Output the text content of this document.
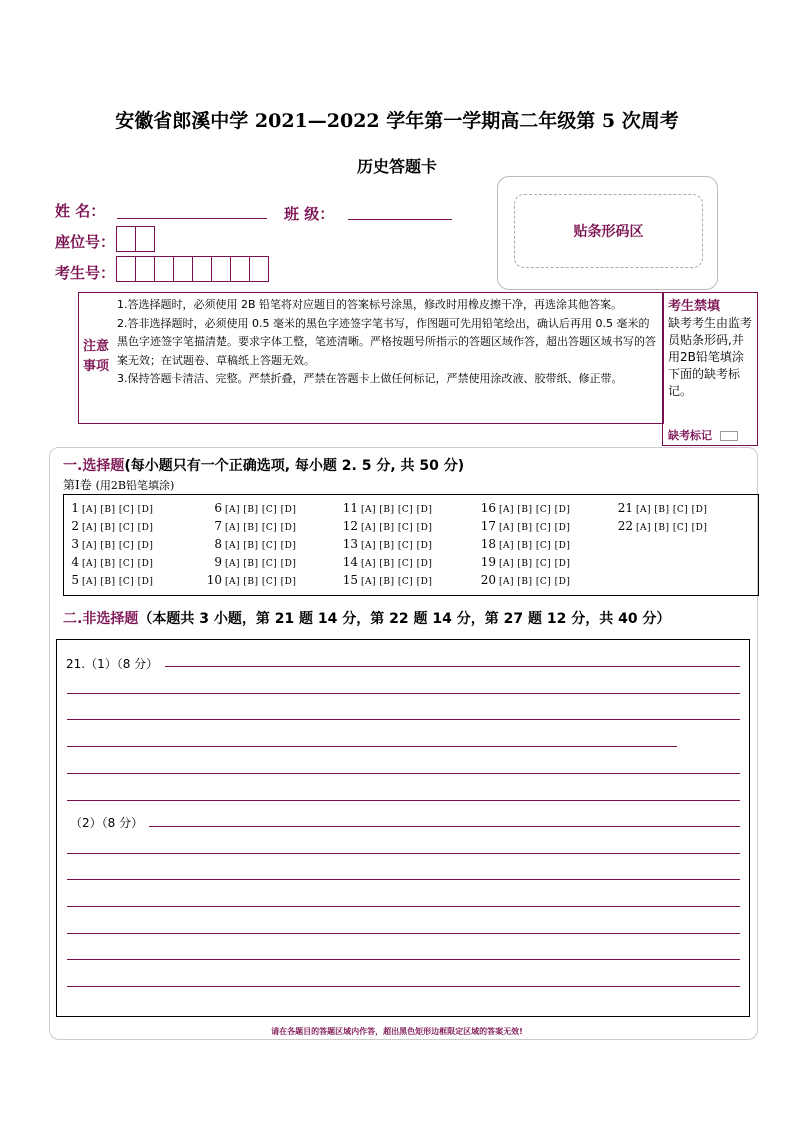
安徽省郎溪中学 2021—2022 学年第一学期高二年级第 5 次周考
历史答题卡
姓 名：	班 级：
座位号：
考生号：
贴条形码区
注意事项
1.答选择题时，必须使用 2B 铅笔将对应题目的答案标号涂黑，修改时用橡皮擦干净，再选涂其他答案。
2.答非选择题时，必须使用 0.5 毫米的黑色字迹签字笔书写，作图题可先用铅笔绘出，确认后再用 0.5 毫米的黑色字迹签字笔描清楚。要求字体工整，笔迹清晰。严格按题号所指示的答题区域作答，超出答题区域书写的答案无效；在试题卷、草稿纸上答题无效。
3.保持答题卡清洁、完整。严禁折叠，严禁在答题卡上做任何标记，严禁使用涂改液、胶带纸、修正带。
考生禁填
缺考考生由监考员贴条形码,并用2B铅笔填涂下面的缺考标记。
缺考标记
一.选择题(每小题只有一个正确选项, 每小题 2. 5 分, 共 50 分)
第Ⅰ卷 (用2B铅笔填涂)
1 [A] [B] [C] [D]
2 [A] [B] [C] [D]
3 [A] [B] [C] [D]
4 [A] [B] [C] [D]
5 [A] [B] [C] [D]
6 [A] [B] [C] [D]
7 [A] [B] [C] [D]
8 [A] [B] [C] [D]
9 [A] [B] [C] [D]
10 [A] [B] [C] [D]
11 [A] [B] [C] [D]
12 [A] [B] [C] [D]
13 [A] [B] [C] [D]
14 [A] [B] [C] [D]
15 [A] [B] [C] [D]
16 [A] [B] [C] [D]
17 [A] [B] [C] [D]
18 [A] [B] [C] [D]
19 [A] [B] [C] [D]
20 [A] [B] [C] [D]
21 [A] [B] [C] [D]
22 [A] [B] [C] [D]
二.非选择题（本题共 3 小题，第 21 题 14 分，第 22 题 14 分，第 27 题 12 分，共 40 分）
21.（1）（8 分）
（2）（8 分）
请在各题目的答题区域内作答，超出黑色矩形边框限定区域的答案无效!
